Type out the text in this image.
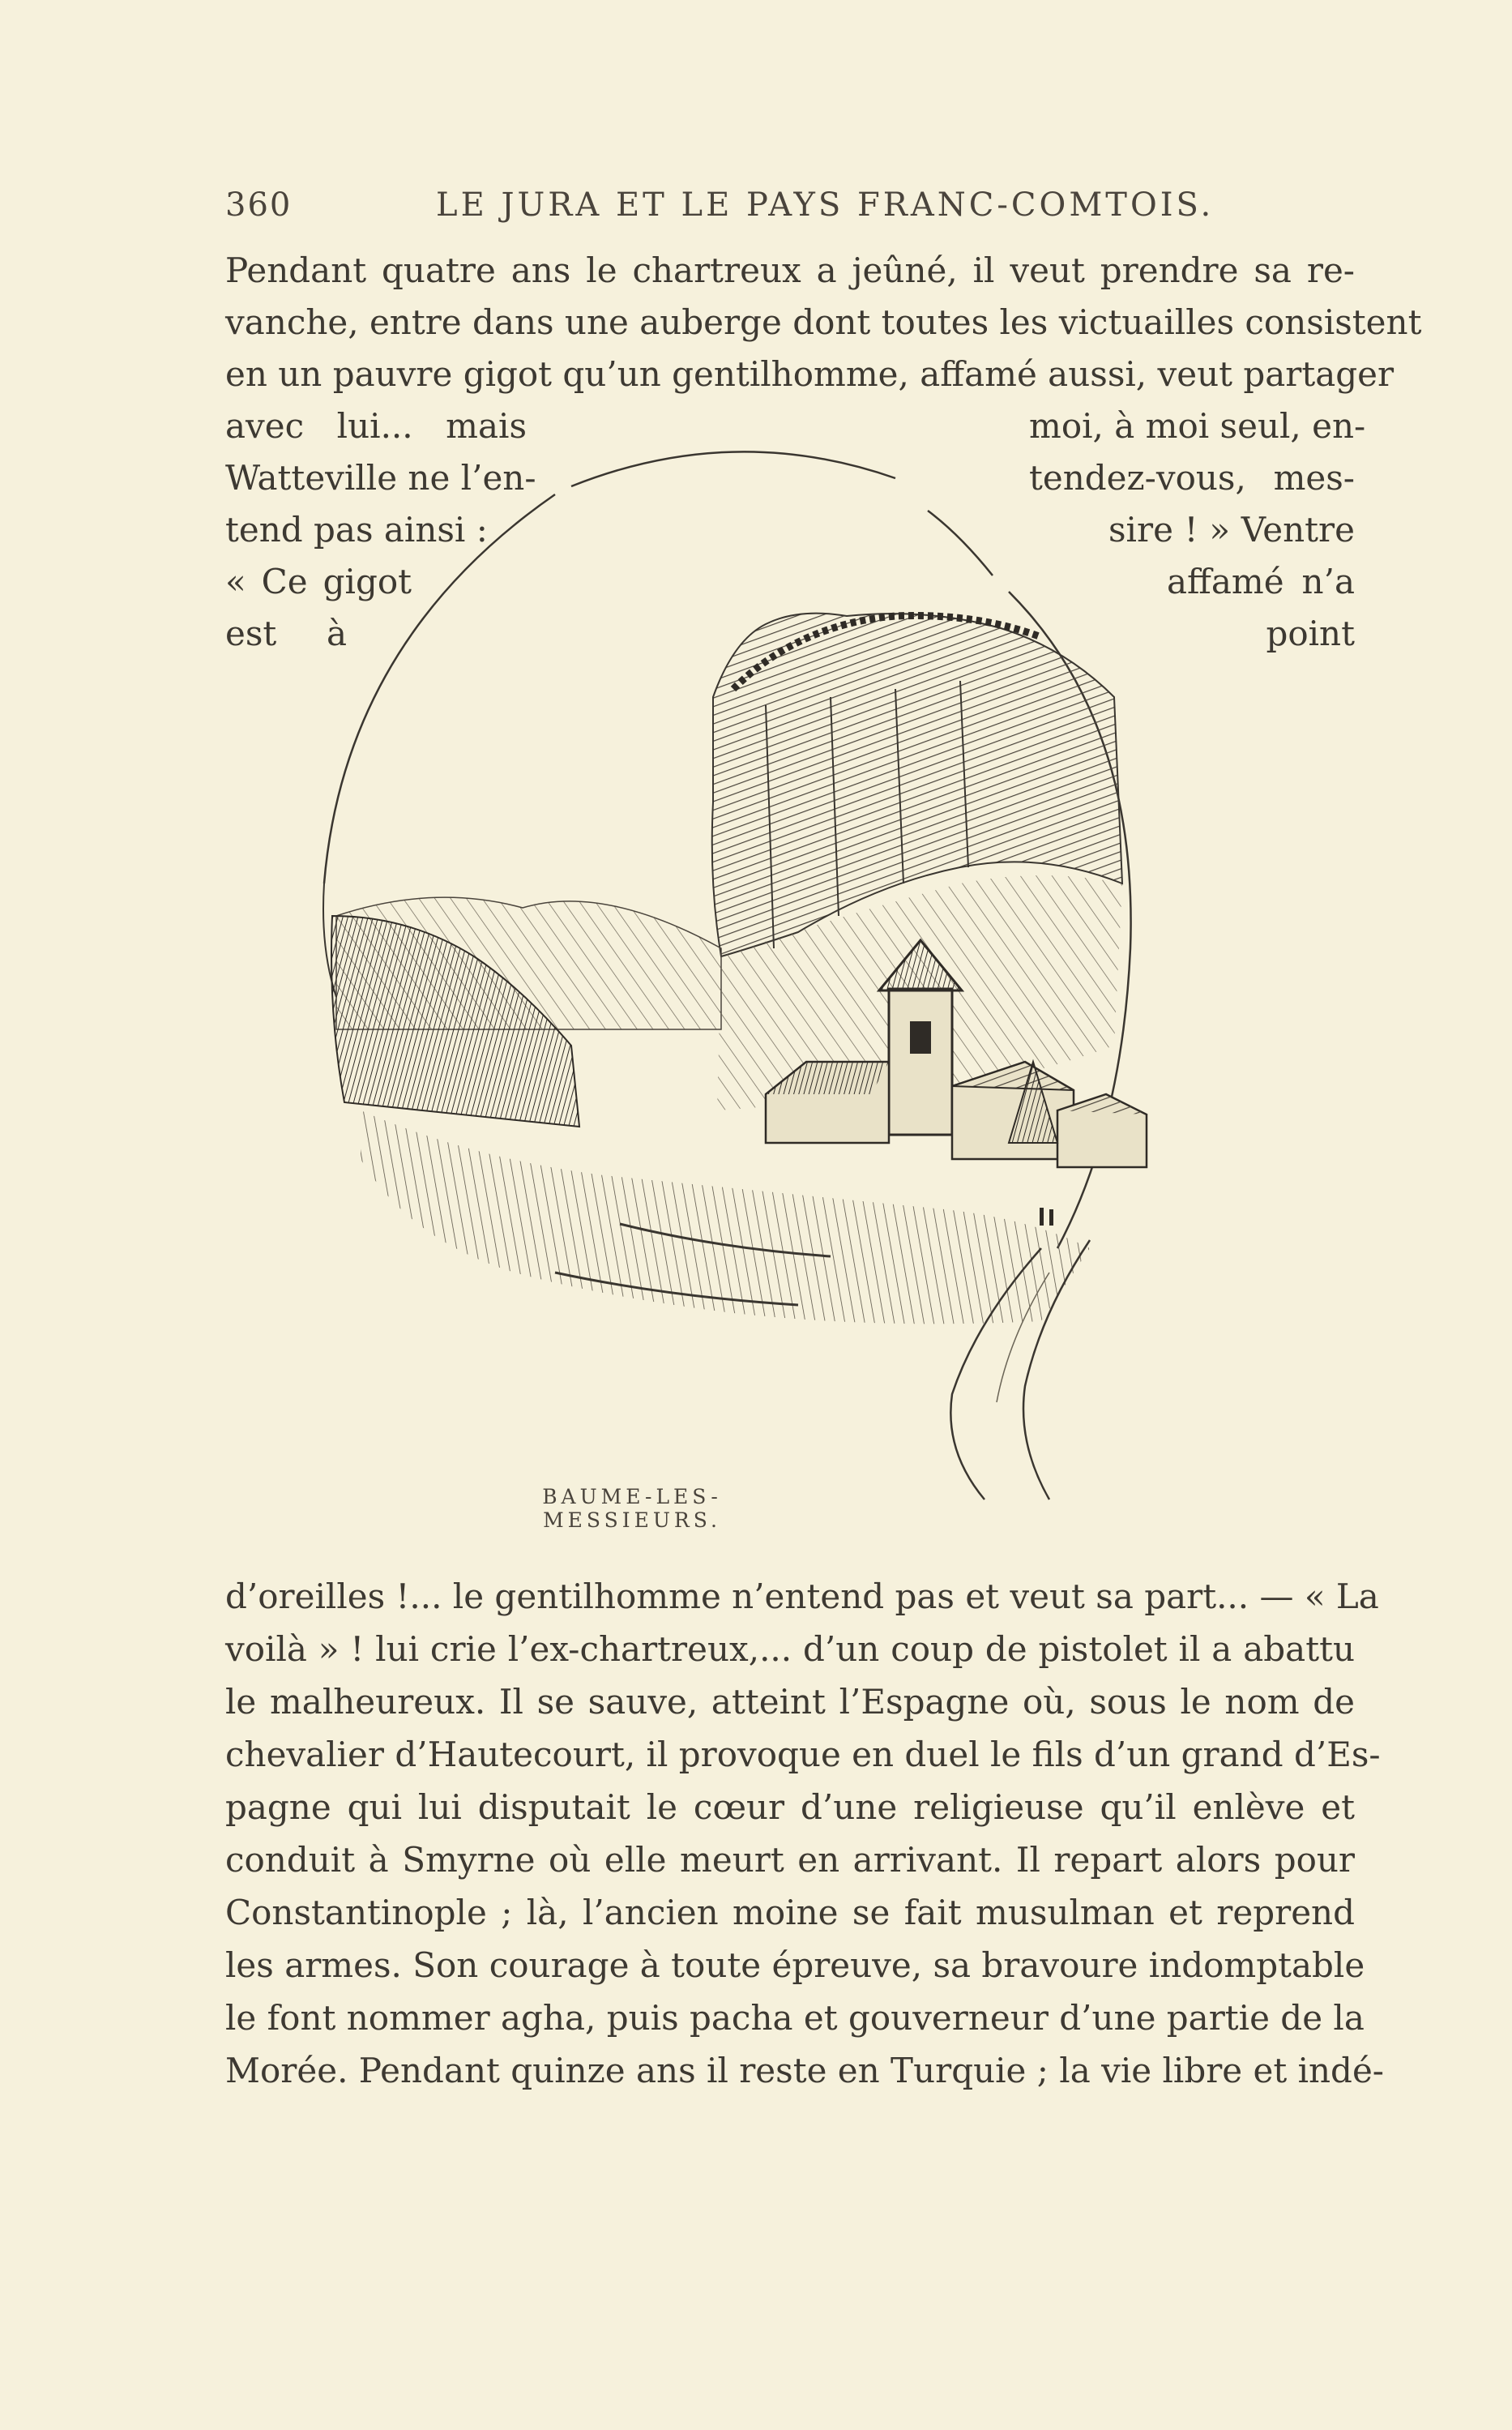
360	LE JURA ET LE PAYS FRANC-COMTOIS.
Pendant quatre ans le chartreux a jeûné, il veut prendre sa re-
vanche, entre dans une auberge dont toutes les victuailles consistent
en un pauvre gigot qu’un gentilhomme, affamé aussi, veut partager
avec lui... mais
Watteville ne l’en-
tend pas ainsi :
« Ce gigot
est à
moi, à moi seul, en-
tendez-vous, mes-
sire ! » Ventre
affamé n’a
point
BAUME-LES-MESSIEURS.
d’oreilles !... le gentilhomme n’entend pas et veut sa part... — « La
voilà » ! lui crie l’ex-chartreux,... d’un coup de pistolet il a abattu
le malheureux. Il se sauve, atteint l’Espagne où, sous le nom de
chevalier d’Hautecourt, il provoque en duel le fils d’un grand d’Es-
pagne qui lui disputait le cœur d’une religieuse qu’il enlève et
conduit à Smyrne où elle meurt en arrivant. Il repart alors pour
Constantinople ; là, l’ancien moine se fait musulman et reprend
les armes. Son courage à toute épreuve, sa bravoure indomptable
le font nommer agha, puis pacha et gouverneur d’une partie de la
Morée. Pendant quinze ans il reste en Turquie ; la vie libre et indé-
